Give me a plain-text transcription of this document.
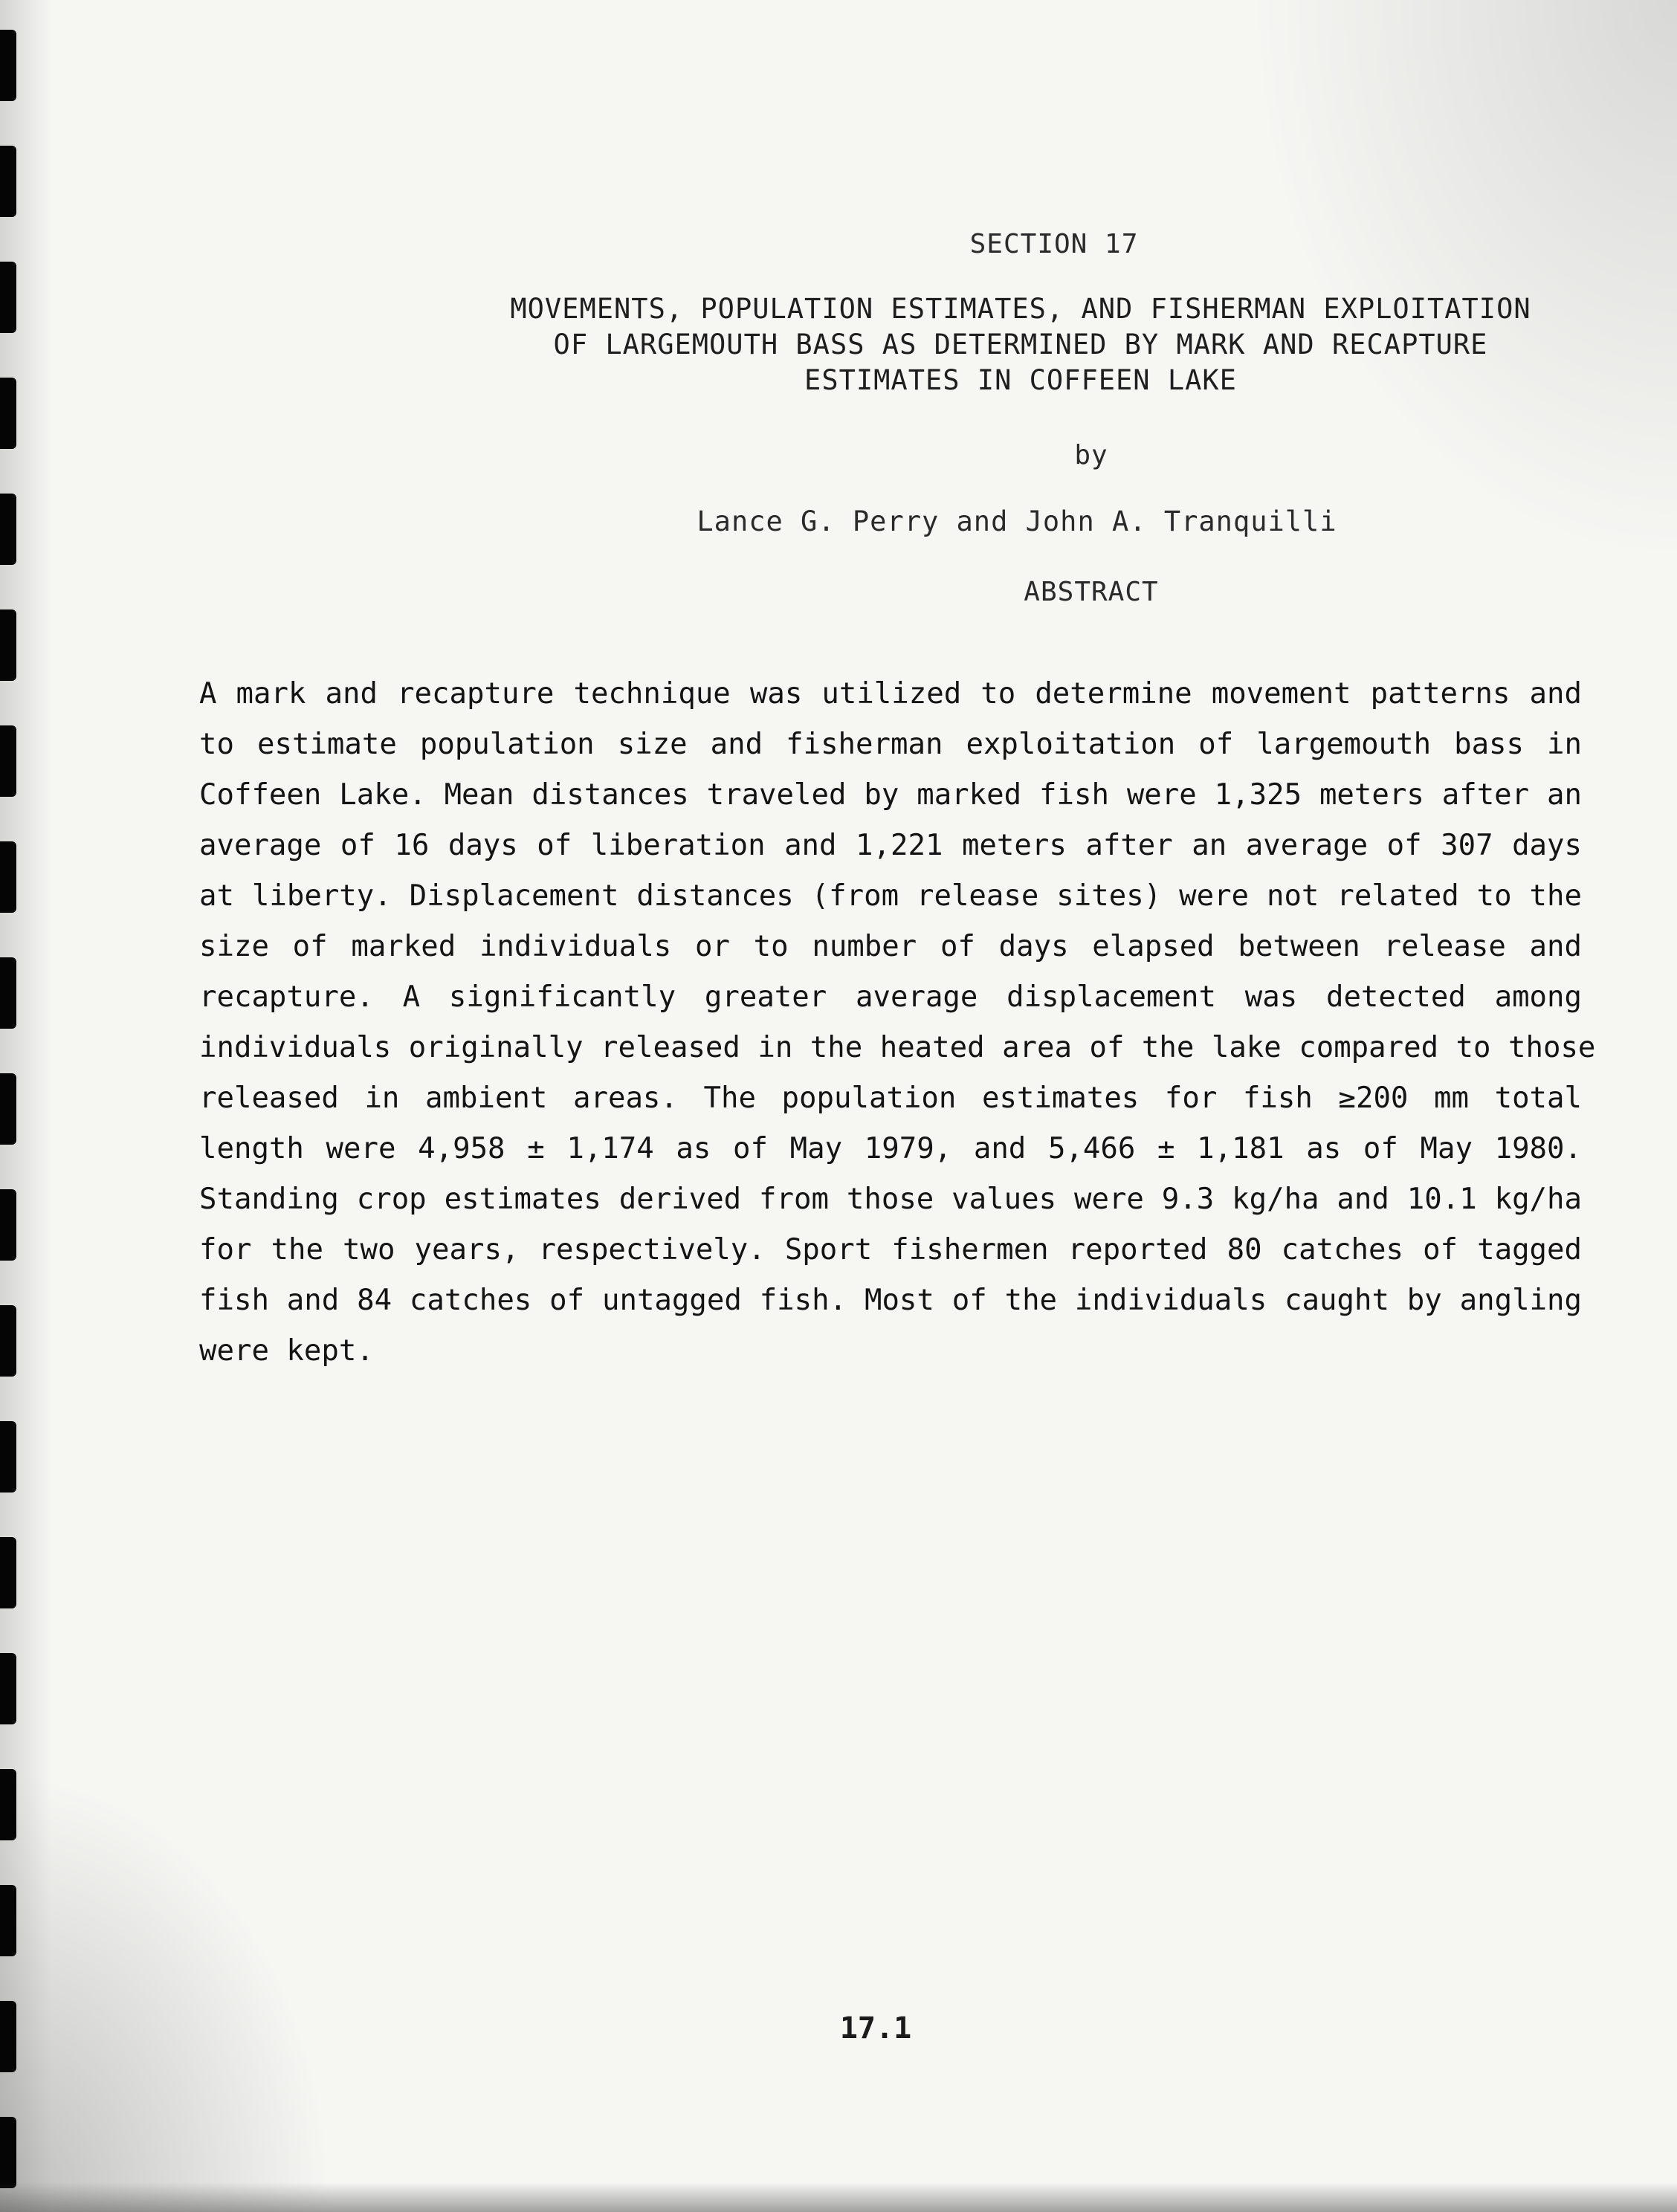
SECTION 17
MOVEMENTS, POPULATION ESTIMATES, AND FISHERMAN EXPLOITATION
OF LARGEMOUTH BASS AS DETERMINED BY MARK AND RECAPTURE
ESTIMATES IN COFFEEN LAKE
by
Lance G. Perry and John A. Tranquilli
ABSTRACT
A mark and recapture technique was utilized to determine movement patterns and
to estimate population size and fisherman exploitation of largemouth bass in
Coffeen Lake. Mean distances traveled by marked fish were 1,325 meters after an
average of 16 days of liberation and 1,221 meters after an average of 307 days
at liberty. Displacement distances (from release sites) were not related to the
size of marked individuals or to number of days elapsed between release and
recapture. A significantly greater average displacement was detected among
individuals originally released in the heated area of the lake compared to those
released in ambient areas. The population estimates for fish ≥200 mm total
length were 4,958 ± 1,174 as of May 1979, and 5,466 ± 1,181 as of May 1980.
Standing crop estimates derived from those values were 9.3 kg/ha and 10.1 kg/ha
for the two years, respectively. Sport fishermen reported 80 catches of tagged
fish and 84 catches of untagged fish. Most of the individuals caught by angling
were kept.
17.1
